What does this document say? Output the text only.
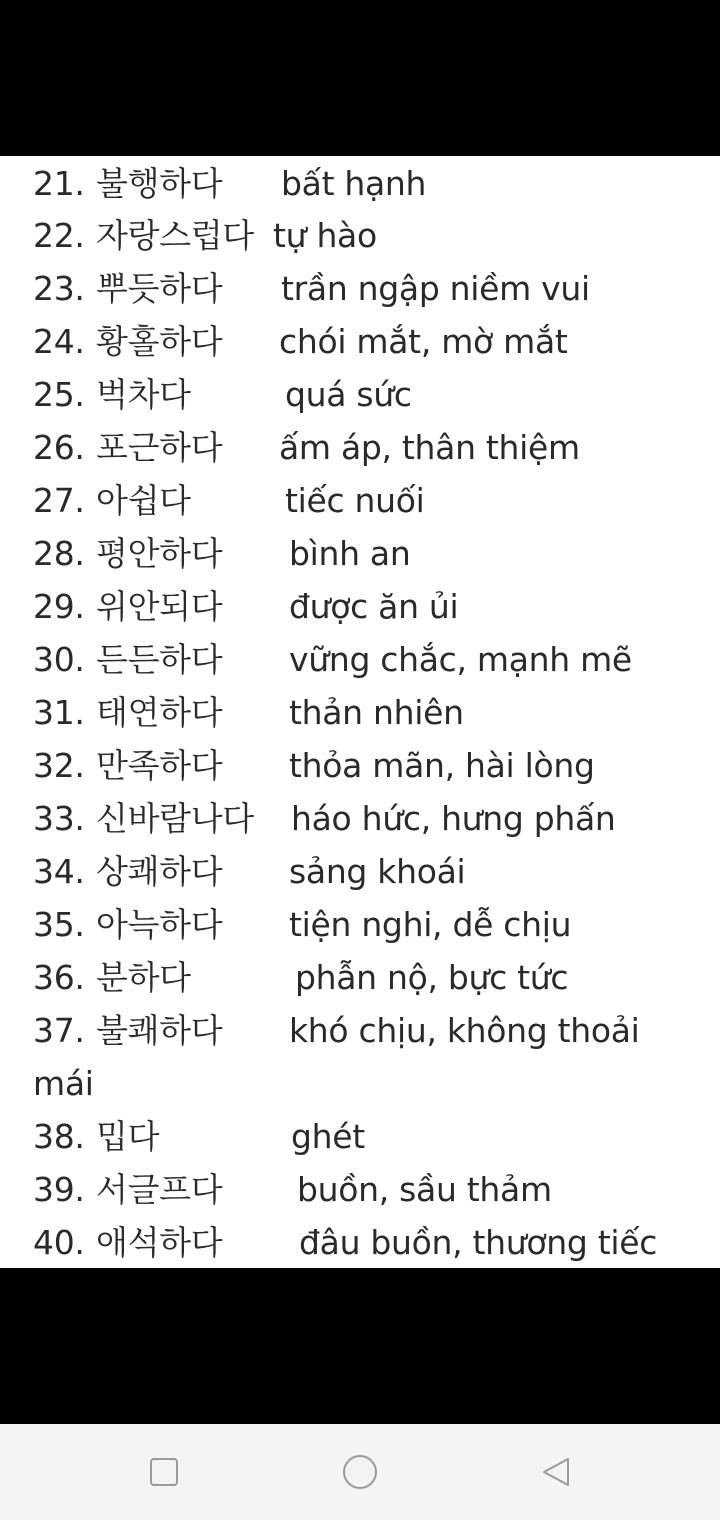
21. 불행하다 bất hạnh
22. 자랑스럽다 tự hào
23. 뿌듯하다 trần ngập niềm vui
24. 황홀하다 chói mắt, mờ mắt
25. 벅차다	quá sức
26. 포근하다 ấm áp, thân thiệm
27. 아쉽다	tiếc nuối
28. 평안하다 bình an
29. 위안되다 được ăn ủi
30. 든든하다 vững chắc, mạnh mẽ
31. 태연하다 thản nhiên
32. 만족하다 thỏa mãn, hài lòng
33. 신바람나다 háo hức, hưng phấn
34. 상쾌하다 sảng khoái
35. 아늑하다 tiện nghi, dễ chịu
36. 분하다	phẫn nộ, bực tức
37. 불쾌하다 khó chịu, không thoải
mái
38. 밉다	ghét
39. 서글프다 buồn, sầu thảm
40. 애석하다 đâu buồn, thương tiếc
